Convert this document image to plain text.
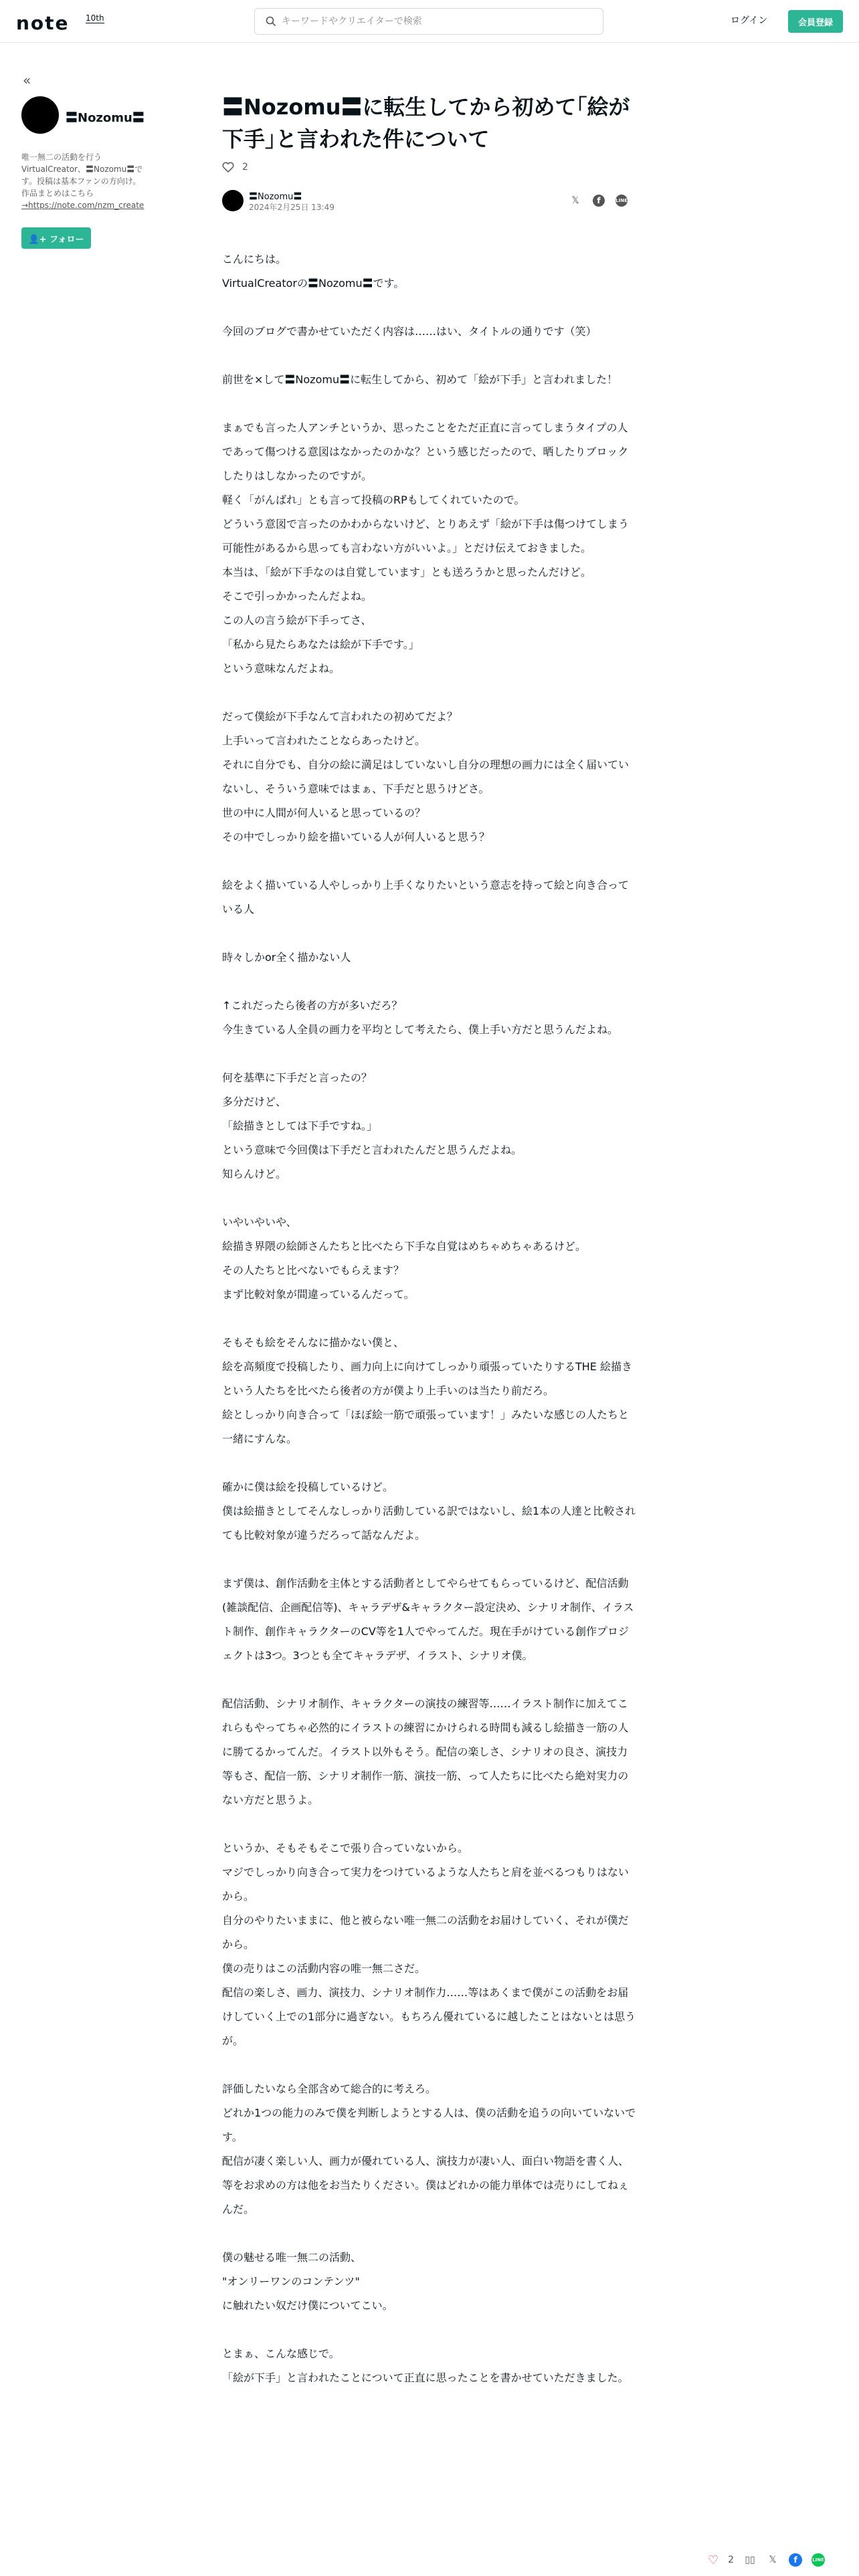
note 10th
キーワードやクリエイターで検索	ログイン	会員登録
«
〓Nozomu〓
唯一無二の活動を行う
VirtualCreator、〓Nozomu〓で
す。投稿は基本ファンの方向け。
作品まとめはこちら
→https://note.com/nzm_create
👤+ フォロー
〓Nozomu〓に転生してから初めて｢絵が下手｣と言われた件について
2
〓Nozomu〓
2024年2月25日 13:49
𝕏	f	LINE

こんにちは。

VirtualCreatorの〓Nozomu〓です。

今回のブログで書かせていただく内容は……はい、タイトルの通りです（笑）

前世を×して〓Nozomu〓に転生してから、初めて「絵が下手」と言われました！

まぁでも言った人アンチというか、思ったことをただ正直に言ってしまうタイプの人であって傷つける意図はなかったのかな？という感じだったので、晒したりブロックしたりはしなかったのですが。

軽く「がんばれ」とも言って投稿のRPもしてくれていたので。

どういう意図で言ったのかわからないけど、とりあえず「絵が下手は傷つけてしまう可能性があるから思っても言わない方がいいよ。」とだけ伝えておきました。

本当は、「絵が下手なのは自覚しています」とも送ろうかと思ったんだけど。

そこで引っかかったんだよね。

この人の言う絵が下手ってさ、

「私から見たらあなたは絵が下手です。」

という意味なんだよね。

だって僕絵が下手なんて言われたの初めてだよ？

上手いって言われたことならあったけど。

それに自分でも、自分の絵に満足はしていないし自分の理想の画力には全く届いていないし、そういう意味ではまぁ、下手だと思うけどさ。

世の中に人間が何人いると思っているの？

その中でしっかり絵を描いている人が何人いると思う？

絵をよく描いている人やしっかり上手くなりたいという意志を持って絵と向き合っている人

時々しかor全く描かない人

↑これだったら後者の方が多いだろ？

今生きている人全員の画力を平均として考えたら、僕上手い方だと思うんだよね。

何を基準に下手だと言ったの？

多分だけど、

「絵描きとしては下手ですね。」

という意味で今回僕は下手だと言われたんだと思うんだよね。

知らんけど。

いやいやいや、

絵描き界隈の絵師さんたちと比べたら下手な自覚はめちゃめちゃあるけど。

その人たちと比べないでもらえます？

まず比較対象が間違っているんだって。

そもそも絵をそんなに描かない僕と、

絵を高頻度で投稿したり、画力向上に向けてしっかり頑張っていたりするTHE 絵描きという人たちを比べたら後者の方が僕より上手いのは当たり前だろ。

絵としっかり向き合って「ほぼ絵一筋で頑張っています！」みたいな感じの人たちと一緒にすんな。

確かに僕は絵を投稿しているけど。

僕は絵描きとしてそんなしっかり活動している訳ではないし、絵1本の人達と比較されても比較対象が違うだろって話なんだよ。

まず僕は、創作活動を主体とする活動者としてやらせてもらっているけど、配信活動(雑談配信、企画配信等)、キャラデザ&キャラクター設定決め、シナリオ制作、イラスト制作、創作キャラクターのCV等を1人でやってんだ。現在手がけている創作プロジェクトは3つ。3つとも全てキャラデザ、イラスト、シナリオ僕。

配信活動、シナリオ制作、キャラクターの演技の練習等……イラスト制作に加えてこれらもやってちゃ必然的にイラストの練習にかけられる時間も減るし絵描き一筋の人に勝てるかってんだ。イラスト以外もそう。配信の楽しさ、シナリオの良さ、演技力等もさ、配信一筋、シナリオ制作一筋、演技一筋、って人たちに比べたら絶対実力のない方だと思うよ。

というか、そもそもそこで張り合っていないから。

マジでしっかり向き合って実力をつけているような人たちと肩を並べるつもりはないから。

自分のやりたいままに、他と被らない唯一無二の活動をお届けしていく、それが僕だから。

僕の売りはこの活動内容の唯一無二さだ。

配信の楽しさ、画力、演技力、シナリオ制作力……等はあくまで僕がこの活動をお届けしていく上での1部分に過ぎない。もちろん優れているに越したことはないとは思うが。

評価したいなら全部含めて総合的に考えろ。

どれか1つの能力のみで僕を判断しようとする人は、僕の活動を追うの向いていないです。

配信が凄く楽しい人、画力が優れている人、演技力が凄い人、面白い物語を書く人、等をお求めの方は他をお当たりください。僕はどれかの能力単体では売りにしてねぇんだ。

僕の魅せる唯一無二の活動、

"オンリーワンのコンテンツ"

に触れたい奴だけ僕についてこい。

とまぁ、こんな感じで。

「絵が下手」と言われたことについて正直に思ったことを書かせていただきました。

♡ 2 ▯▯	𝕏	f	LINE
